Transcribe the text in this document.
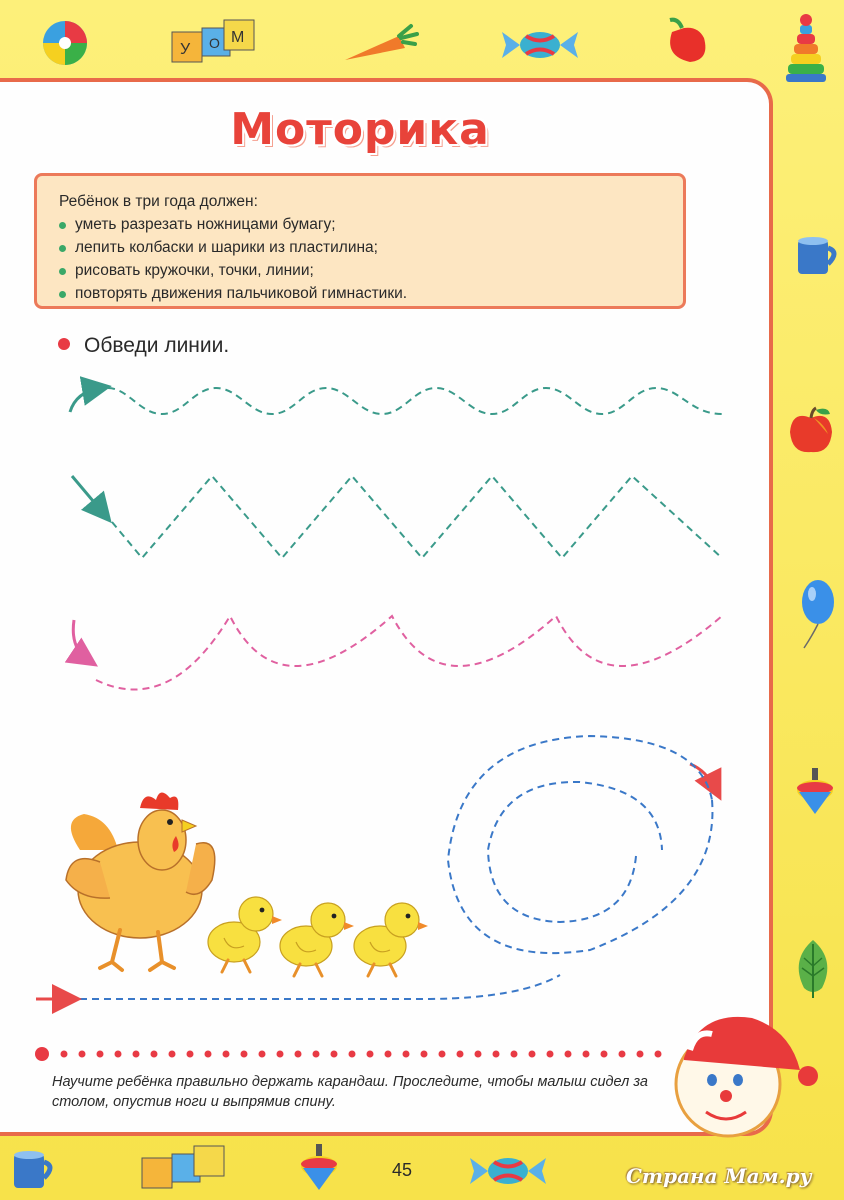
У О М
Моторика
Ребёнок в три года должен:
уметь разрезать ножницами бумагу;
лепить колбаски и шарики из пластилина;
рисовать кружочки, точки, линии;
повторять движения пальчиковой гимнастики.
Обведи линии.
Научите ребёнка правильно держать карандаш. Проследите, чтобы малыш сидел за столом, опустив ноги и выпрямив спину.
45	Страна Мам.ру
